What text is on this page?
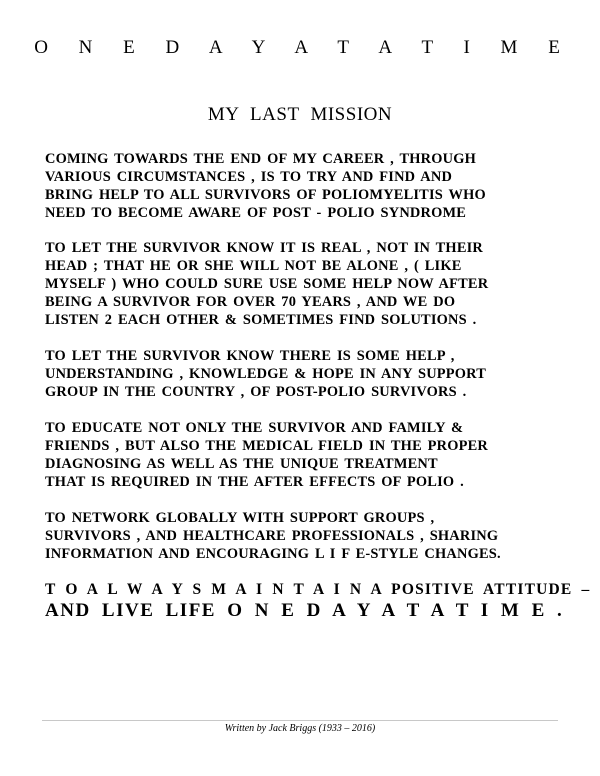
O N E D A Y A T A T I M E
MY LAST MISSION
COMING TOWARDS THE END OF MY CAREER , THROUGH
VARIOUS CIRCUMSTANCES , IS TO TRY AND FIND AND
BRING HELP TO ALL SURVIVORS OF POLIOMYELITIS WHO
NEED TO BECOME AWARE OF POST - POLIO SYNDROME
TO LET THE SURVIVOR KNOW IT IS REAL , NOT IN THEIR
HEAD ; THAT HE OR SHE WILL NOT BE ALONE , ( LIKE
MYSELF ) WHO COULD SURE USE SOME HELP NOW AFTER
BEING A SURVIVOR FOR OVER 70 YEARS , AND WE DO
LISTEN 2 EACH OTHER & SOMETIMES FIND SOLUTIONS .
TO LET THE SURVIVOR KNOW THERE IS SOME HELP ,
UNDERSTANDING , KNOWLEDGE & HOPE IN ANY SUPPORT
GROUP IN THE COUNTRY , OF POST-POLIO SURVIVORS .
TO EDUCATE NOT ONLY THE SURVIVOR AND FAMILY &
FRIENDS , BUT ALSO THE MEDICAL FIELD IN THE PROPER
DIAGNOSING AS WELL AS THE UNIQUE TREATMENT
THAT IS REQUIRED IN THE AFTER EFFECTS OF POLIO .
TO NETWORK GLOBALLY WITH SUPPORT GROUPS ,
SURVIVORS , AND HEALTHCARE PROFESSIONALS , SHARING
INFORMATION AND ENCOURAGING L I F E-STYLE CHANGES.
T O A L W A Y S M A I N T A I N A POSITIVE ATTITUDE –
AND LIVE LIFE O N E D A Y A T A T I M E .
Written by Jack Briggs (1933 – 2016)
